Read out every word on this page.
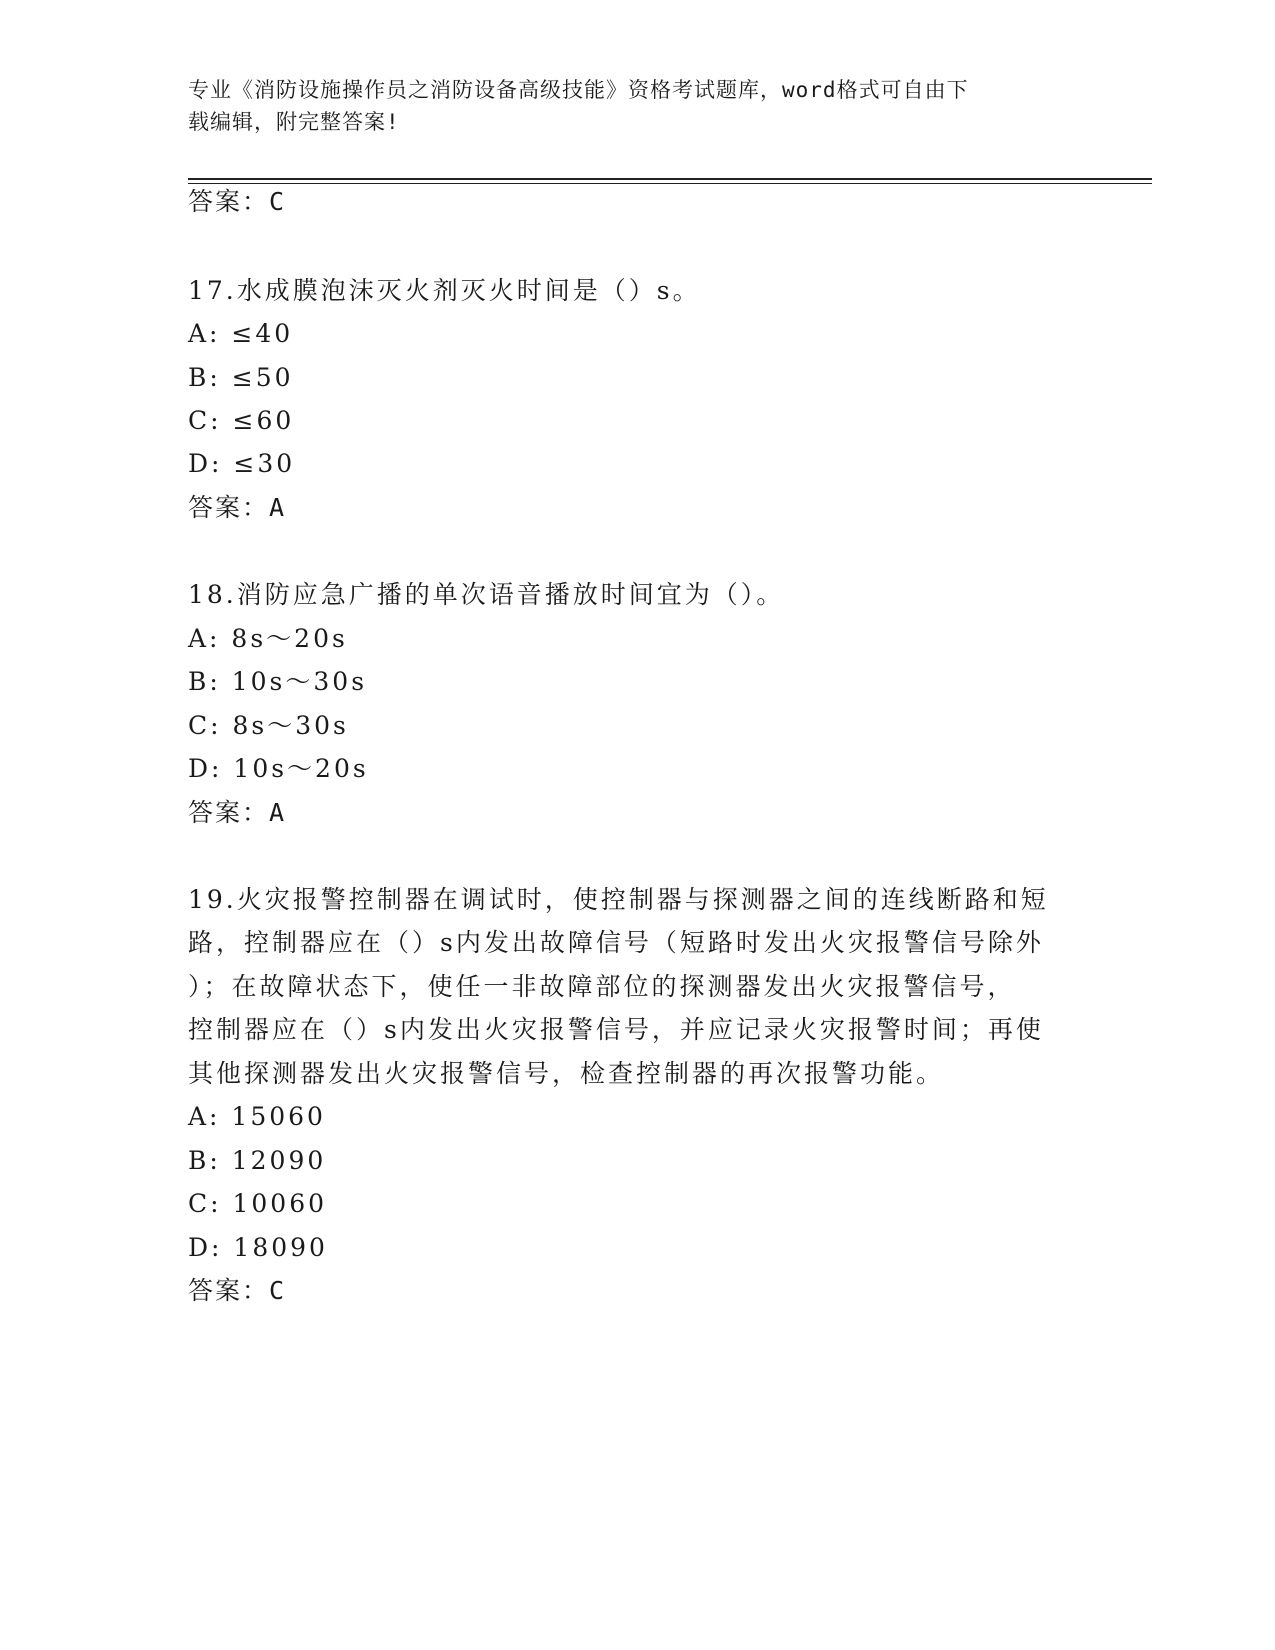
专业《消防设施操作员之消防设备高级技能》资格考试题库，word格式可自由下
载编辑，附完整答案!
答案：C
17.水成膜泡沫灭火剂灭火时间是（）s。
A: ≤40
B: ≤50
C: ≤60
D: ≤30
答案：A
18.消防应急广播的单次语音播放时间宜为（）。
A: 8s～20s
B: 10s～30s
C: 8s～30s
D: 10s～20s
答案：A
19.火灾报警控制器在调试时，使控制器与探测器之间的连线断路和短
路，控制器应在（）s内发出故障信号（短路时发出火灾报警信号除外
）；在故障状态下，使任一非故障部位的探测器发出火灾报警信号，
控制器应在（）s内发出火灾报警信号，并应记录火灾报警时间；再使
其他探测器发出火灾报警信号，检查控制器的再次报警功能。
A: 15060
B: 12090
C: 10060
D: 18090
答案：C
